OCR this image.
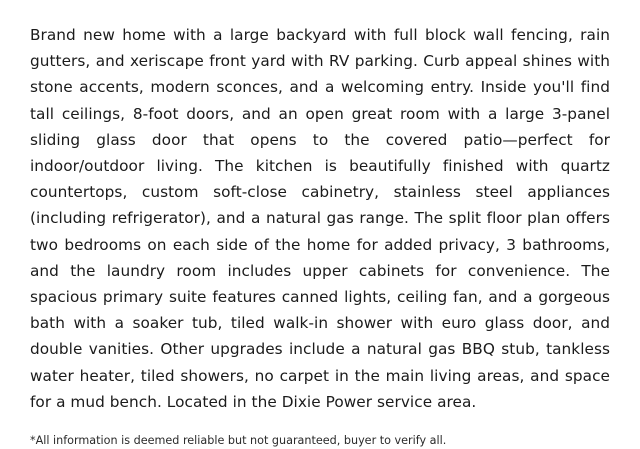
Brand new home with a large backyard with full block wall fencing, rain gutters, and xeriscape front yard with RV parking. Curb appeal shines with stone accents, modern sconces, and a welcoming entry. Inside you'll find tall ceilings, 8-foot doors, and an open great room with a large 3-panel sliding glass door that opens to the covered patio—perfect for indoor/outdoor living. The kitchen is beautifully finished with quartz countertops, custom soft-close cabinetry, stainless steel appliances (including refrigerator), and a natural gas range. The split floor plan offers two bedrooms on each side of the home for added privacy, 3 bathrooms, and the laundry room includes upper cabinets for convenience. The spacious primary suite features canned lights, ceiling fan, and a gorgeous bath with a soaker tub, tiled walk-in shower with euro glass door, and double vanities. Other upgrades include a natural gas BBQ stub, tankless water heater, tiled showers, no carpet in the main living areas, and space for a mud bench. Located in the Dixie Power service area.

*All information is deemed reliable but not guaranteed, buyer to verify all.
